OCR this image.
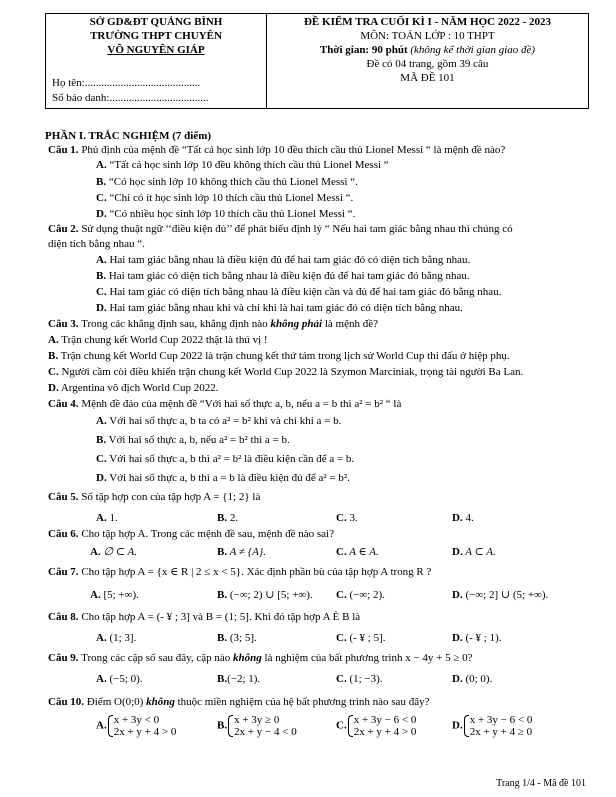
SỞ GD&ĐT QUẢNG BÌNH
TRƯỜNG THPT CHUYÊN
VÕ NGUYÊN GIÁP
Họ tên:..........................................
Số báo danh:....................................
ĐỀ KIỂM TRA CUỐI KÌ I - NĂM HỌC 2022 - 2023
MÔN: TOÁN LỚP : 10 THPT
Thời gian: 90 phút (không kể thời gian giao đề)
Đề có 04 trang, gồm 39 câu
MÃ ĐỀ 101
PHẦN I. TRẮC NGHIỆM (7 điểm)
Câu 1. Phủ định của mệnh đề “Tất cả học sinh lớp 10 đều thích cầu thủ Lionel Messi “ là mệnh đề nào?
A. “Tất cả học sinh lớp 10 đều không thích cầu thủ Lionel Messi “
B. “Có học sinh lớp 10 không thích cầu thủ Lionel Messi “.
C. “Chỉ có ít học sinh lớp 10 thích cầu thủ Lionel Messi “.
D. “Có nhiều học sinh lớp 10 thích cầu thủ Lionel Messi “.
Câu 2. Sử dụng thuật ngữ ‘‘điều kiện đủ’’ để phát biểu định lý “ Nếu hai tam giác bằng nhau thì chúng có
diện tích bằng nhau “.
A. Hai tam giác bằng nhau là điều kiện đủ để hai tam giác đó có diện tích bằng nhau.
B. Hai tam giác có diện tích bằng nhau là điều kiện đủ để hai tam giác đó bằng nhau.
C. Hai tam giác có diện tích bằng nhau là điều kiện cần và đủ để hai tam giác đó bằng nhau.
D. Hai tam giác bằng nhau khi và chỉ khi là hai tam giác đó có diện tích bằng nhau.
Câu 3. Trong các khẳng định sau, khẳng định nào không phải là mệnh đề?
A. Trận chung kết World Cup 2022 thật là thú vị !
B. Trận chung kết World Cup 2022 là trận chung kết thứ tám trong lịch sử World Cup thi đấu ở hiệp phụ.
C. Người cầm còi điều khiển trận chung kết World Cup 2022 là Szymon Marciniak, trọng tài người Ba Lan.
D. Argentina vô địch World Cup 2022.
Câu 4. Mệnh đề đảo của mệnh đề “Với hai số thực a, b, nếu a = b thì a² = b² “ là
A. Với hai số thực a, b ta có a² = b² khi và chỉ khi a = b.
B. Với hai số thực a, b, nếu a² = b² thì a = b.
C. Với hai số thực a, b thì a² = b² là điều kiện cần để a = b.
D. Với hai số thực a, b thì a = b là điều kiện đủ để a² = b².
Câu 5. Số tập hợp con của tập hợp A = {1; 2} là
A. 1.	B. 2.	C. 3.	D. 4.
Câu 6. Cho tập hợp A. Trong các mệnh đề sau, mệnh đề nào sai?
A. ∅ ⊂ A.	B. A ≠ {A}.	C. A ∈ A.	D. A ⊂ A.
Câu 7. Cho tập hợp A = {x ∈ R | 2 ≤ x < 5}. Xác định phần bù của tập hợp A trong R ?
A. [5; +∞).	B. (−∞; 2) ∪ [5; +∞). C. (−∞; 2).	D. (−∞; 2] ∪ (5; +∞).
Câu 8. Cho tập hợp A = (- ¥ ; 3] và B = (1; 5]. Khi đó tập hợp A È B là
A. (1; 3].	B. (3; 5].	C. (- ¥ ; 5].	D. (- ¥ ; 1).
Câu 9. Trong các cặp số sau đây, cặp nào không là nghiệm của bất phương trình x − 4y + 5 ≥ 0?
A. (−5; 0).	B.(−2; 1).	C. (1; −3).	D. (0; 0).
Câu 10. Điểm O(0;0) không thuộc miền nghiệm của hệ bất phương trình nào sau đây?
A. x + 3y < 0
2x + y + 4 > 0
B. x + 3y ≥ 0
2x + y − 4 < 0
C. x + 3y − 6 < 0
2x + y + 4 > 0
D. x + 3y − 6 < 0
2x + y + 4 ≥ 0
Trang 1/4 - Mã đề 101
